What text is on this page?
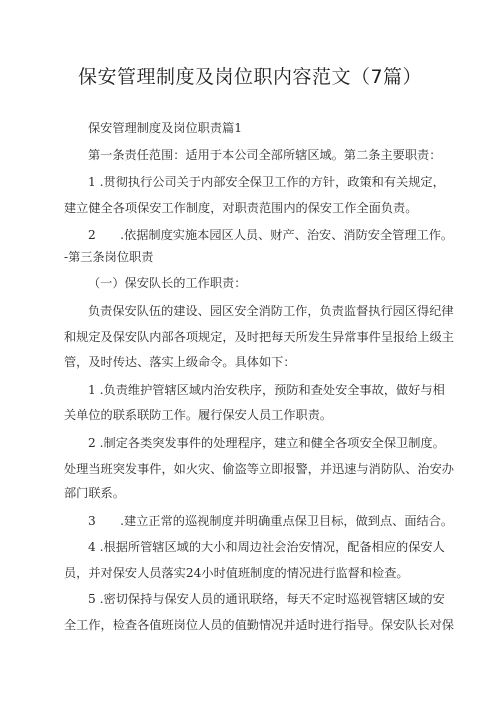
保安管理制度及岗位职内容范文（7篇）
保安管理制度及岗位职责篇1
第一条责任范围：适用于本公司全部所辖区域。第二条主要职责：
1 .贯彻执行公司关于内部安全保卫工作的方针，政策和有关规定，
建立健全各项保安工作制度，对职责范围内的保安工作全面负责。
2　　.依据制度实施本园区人员、财产、治安、消防安全管理工作。
-第三条岗位职责
（一）保安队长的工作职责：
负责保安队伍的建设、园区安全消防工作，负责监督执行园区得纪律
和规定及保安队内部各项规定，及时把每天所发生异常事件呈报给上级主
管，及时传达、落实上级命令。具体如下：
1 .负责维护管辖区域内治安秩序，预防和查处安全事故，做好与相
关单位的联系联防工作。履行保安人员工作职责。
2 .制定各类突发事件的处理程序，建立和健全各项安全保卫制度。
处理当班突发事件，如火灾、偷盗等立即报警，并迅速与消防队、治安办
部门联系。
3　　.建立正常的巡视制度并明确重点保卫目标，做到点、面结合。
4 .根据所管辖区域的大小和周边社会治安情况，配备相应的保安人
员，并对保安人员落实24小时值班制度的情况进行监督和检查。
5 .密切保持与保安人员的通讯联络，每天不定时巡视管辖区域的安
全工作，检查各值班岗位人员的值勤情况并适时进行指导。保安队长对保
